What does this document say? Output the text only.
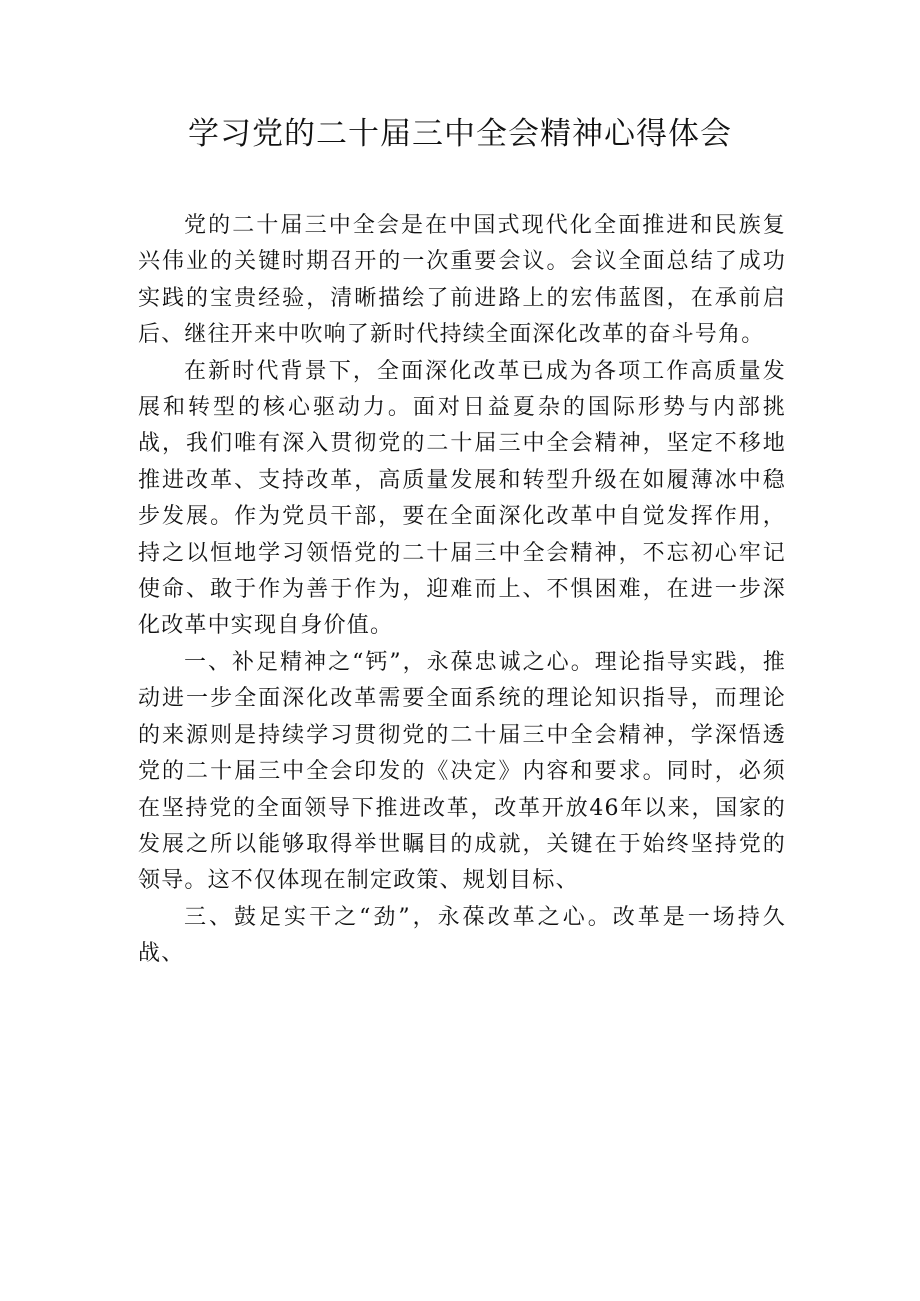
学习党的二十届三中全会精神心得体会

党的二十届三中全会是在中国式现代化全面推进和民族复兴伟业的关键时期召开的一次重要会议。会议全面总结了成功实践的宝贵经验，清晰描绘了前进路上的宏伟蓝图，在承前启后、继往开来中吹响了新时代持续全面深化改革的奋斗号角。

在新时代背景下，全面深化改革已成为各项工作高质量发展和转型的核心驱动力。面对日益夏杂的国际形势与内部挑战，我们唯有深入贯彻党的二十届三中全会精神，坚定不移地推进改革、支持改革，高质量发展和转型升级在如履薄冰中稳步发展。作为党员干部，要在全面深化改革中自觉发挥作用，持之以恒地学习领悟党的二十届三中全会精神，不忘初心牢记使命、敢于作为善于作为，迎难而上、不惧困难，在进一步深化改革中实现自身价值。

一、补足精神之“钙”，永葆忠诚之心。理论指导实践，推动进一步全面深化改革需要全面系统的理论知识指导，而理论的来源则是持续学习贯彻党的二十届三中全会精神，学深悟透党的二十届三中全会印发的《决定》内容和要求。同时，必须在坚持党的全面领导下推进改革，改革开放46年以来，国家的发展之所以能够取得举世瞩目的成就，关键在于始终坚持党的领导。这不仅体现在制定政策、规划目标、

三、鼓足实干之“劲”，永葆改革之心。改革是一场持久战、
